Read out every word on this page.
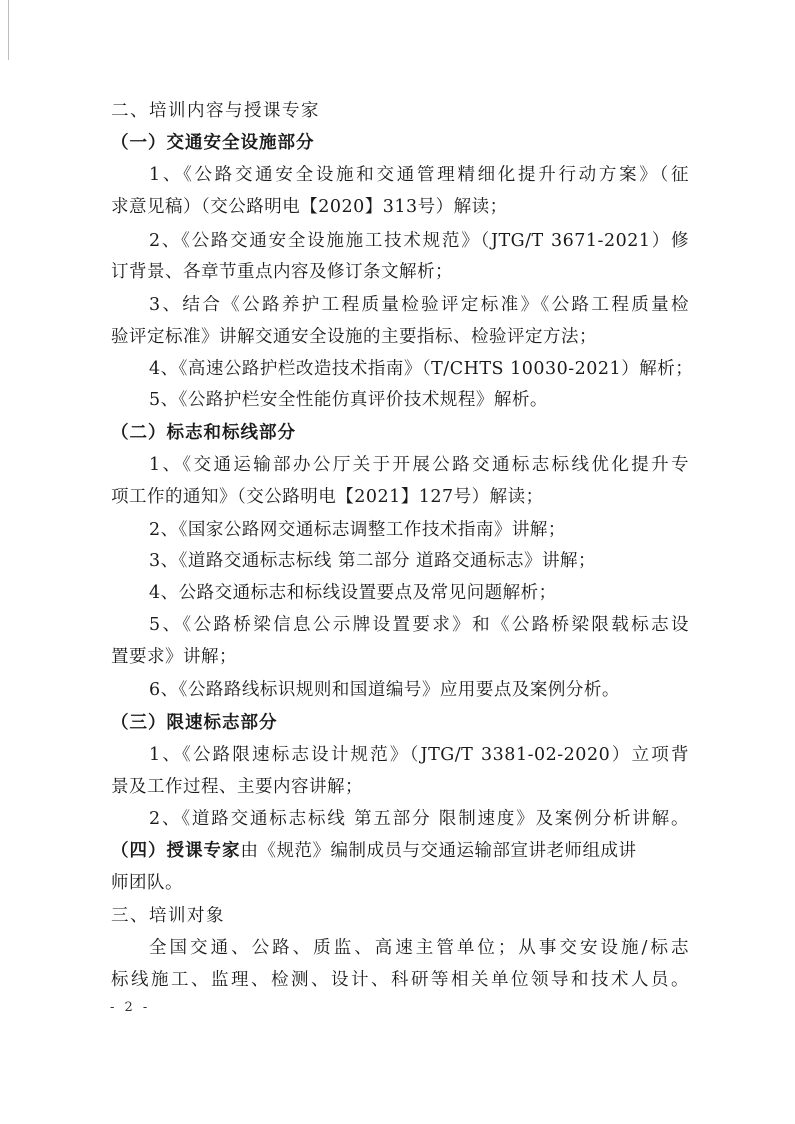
二、培训内容与授课专家
（一）交通安全设施部分
1、《公路交通安全设施和交通管理精细化提升行动方案》（征
求意见稿）（交公路明电【2020】313号）解读；
2、《公路交通安全设施施工技术规范》（JTG/T 3671-2021）修
订背景、各章节重点内容及修订条文解析；
3、结合《公路养护工程质量检验评定标准》《公路工程质量检
验评定标准》讲解交通安全设施的主要指标、检验评定方法；
4、《高速公路护栏改造技术指南》（T/CHTS 10030-2021）解析；
5、《公路护栏安全性能仿真评价技术规程》解析。
（二）标志和标线部分
1、《交通运输部办公厅关于开展公路交通标志标线优化提升专
项工作的通知》（交公路明电【2021】127号）解读；
2、《国家公路网交通标志调整工作技术指南》讲解；
3、《道路交通标志标线 第二部分 道路交通标志》讲解；
4、公路交通标志和标线设置要点及常见问题解析；
5、《公路桥梁信息公示牌设置要求》和《公路桥梁限载标志设
置要求》讲解；
6、《公路路线标识规则和国道编号》应用要点及案例分析。
（三）限速标志部分
1、《公路限速标志设计规范》（JTG/T 3381-02-2020）立项背
景及工作过程、主要内容讲解；
2、《道路交通标志标线 第五部分 限制速度》及案例分析讲解。
（四）授课专家由《规范》编制成员与交通运输部宣讲老师组成讲
师团队。
三、培训对象
全国交通、公路、质监、高速主管单位；从事交安设施/标志
标线施工、监理、检测、设计、科研等相关单位领导和技术人员。
- 2 -
